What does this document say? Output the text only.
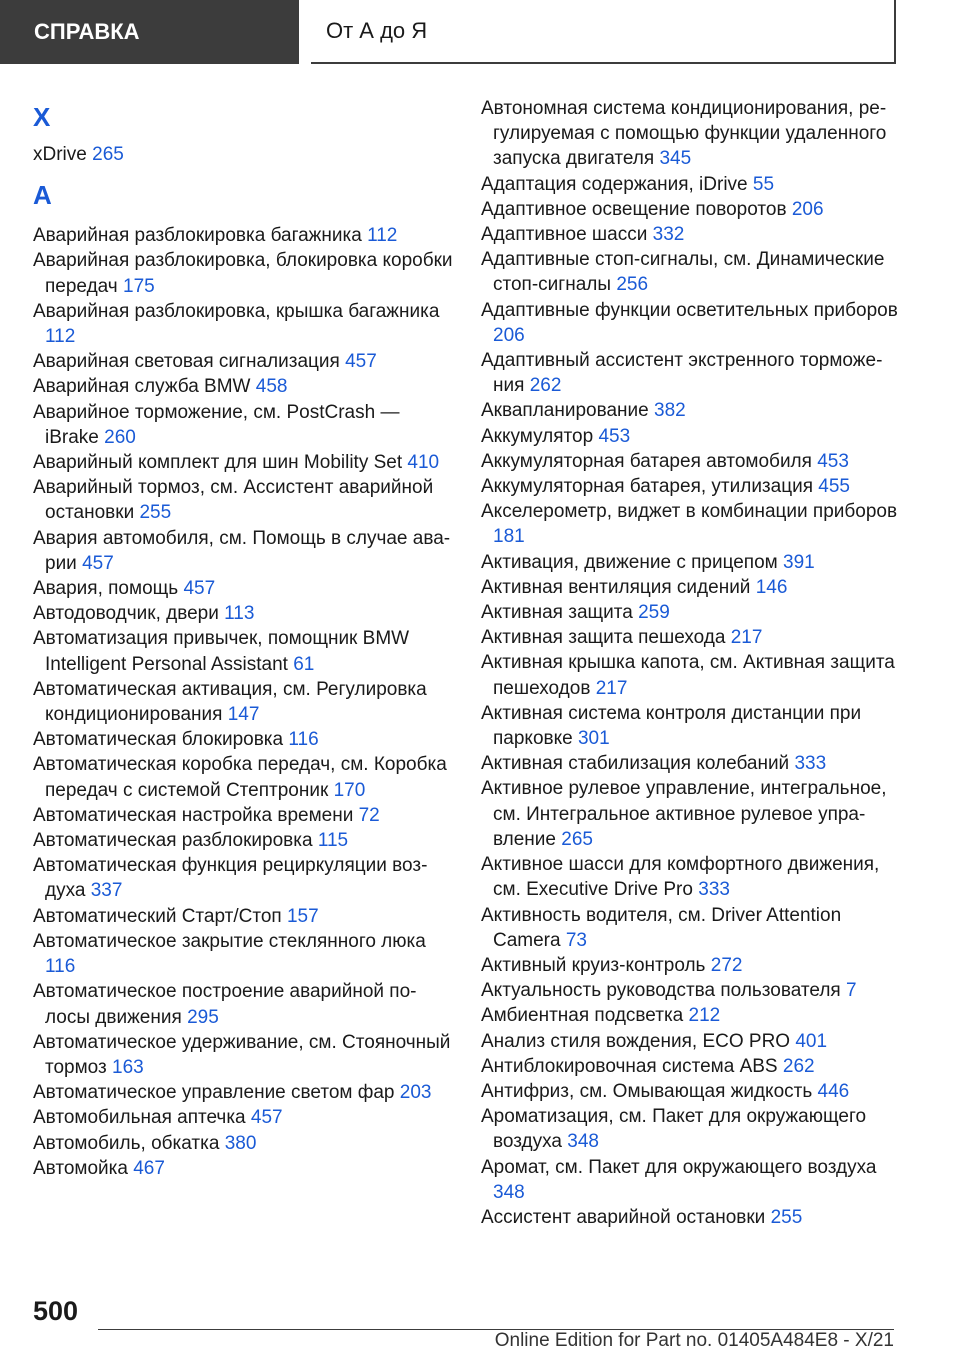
СПРАВКА	От А до Я
X
xDrive 265
А
Аварийная разблокировка багажника 112
Аварийная разблокировка, блокировка коробки передач 175
Аварийная разблокировка, крышка багажника 112
Аварийная световая сигнализация 457
Аварийная служба BMW 458
Аварийное торможение, см. PostCrash — iBrake 260
Аварийный комплект для шин Mobility Set 410
Аварийный тормоз, см. Ассистент аварийной остановки 255
Авария автомобиля, см. Помощь в случае аварии 457
Авария, помощь 457
Автодоводчик, двери 113
Автоматизация привычек, помощник BMW Intelligent Personal Assistant 61
Автоматическая активация, см. Регулировка кондиционирования 147
Автоматическая блокировка 116
Автоматическая коробка передач, см. Коробка передач с системой Стептроник 170
Автоматическая настройка времени 72
Автоматическая разблокировка 115
Автоматическая функция рециркуляции воздуха 337
Автоматический Старт/Стоп 157
Автоматическое закрытие стеклянного люка 116
Автоматическое построение аварийной полосы движения 295
Автоматическое удерживание, см. Стояночный тормоз 163
Автоматическое управление светом фар 203
Автомобильная аптечка 457
Автомобиль, обкатка 380
Автомойка 467
Автономная система кондиционирования, регулируемая с помощью функции удаленного запуска двигателя 345
Адаптация содержания, iDrive 55
Адаптивное освещение поворотов 206
Адаптивное шасси 332
Адаптивные стоп-сигналы, см. Динамические стоп-сигналы 256
Адаптивные функции осветительных приборов 206
Адаптивный ассистент экстренного торможения 262
Аквапланирование 382
Аккумулятор 453
Аккумуляторная батарея автомобиля 453
Аккумуляторная батарея, утилизация 455
Акселерометр, виджет в комбинации приборов 181
Активация, движение с прицепом 391
Активная вентиляция сидений 146
Активная защита 259
Активная защита пешехода 217
Активная крышка капота, см. Активная защита пешеходов 217
Активная система контроля дистанции при парковке 301
Активная стабилизация колебаний 333
Активное рулевое управление, интегральное, см. Интегральное активное рулевое управление 265
Активное шасси для комфортного движения, см. Executive Drive Pro 333
Активность водителя, см. Driver Attention Camera 73
Активный круиз-контроль 272
Актуальность руководства пользователя 7
Амбиентная подсветка 212
Анализ стиля вождения, ECO PRO 401
Антиблокировочная система ABS 262
Антифриз, см. Омывающая жидкость 446
Ароматизация, см. Пакет для окружающего воздуха 348
Аромат, см. Пакет для окружающего воздуха 348
Ассистент аварийной остановки 255
500
Online Edition for Part no. 01405A484E8 - X/21
